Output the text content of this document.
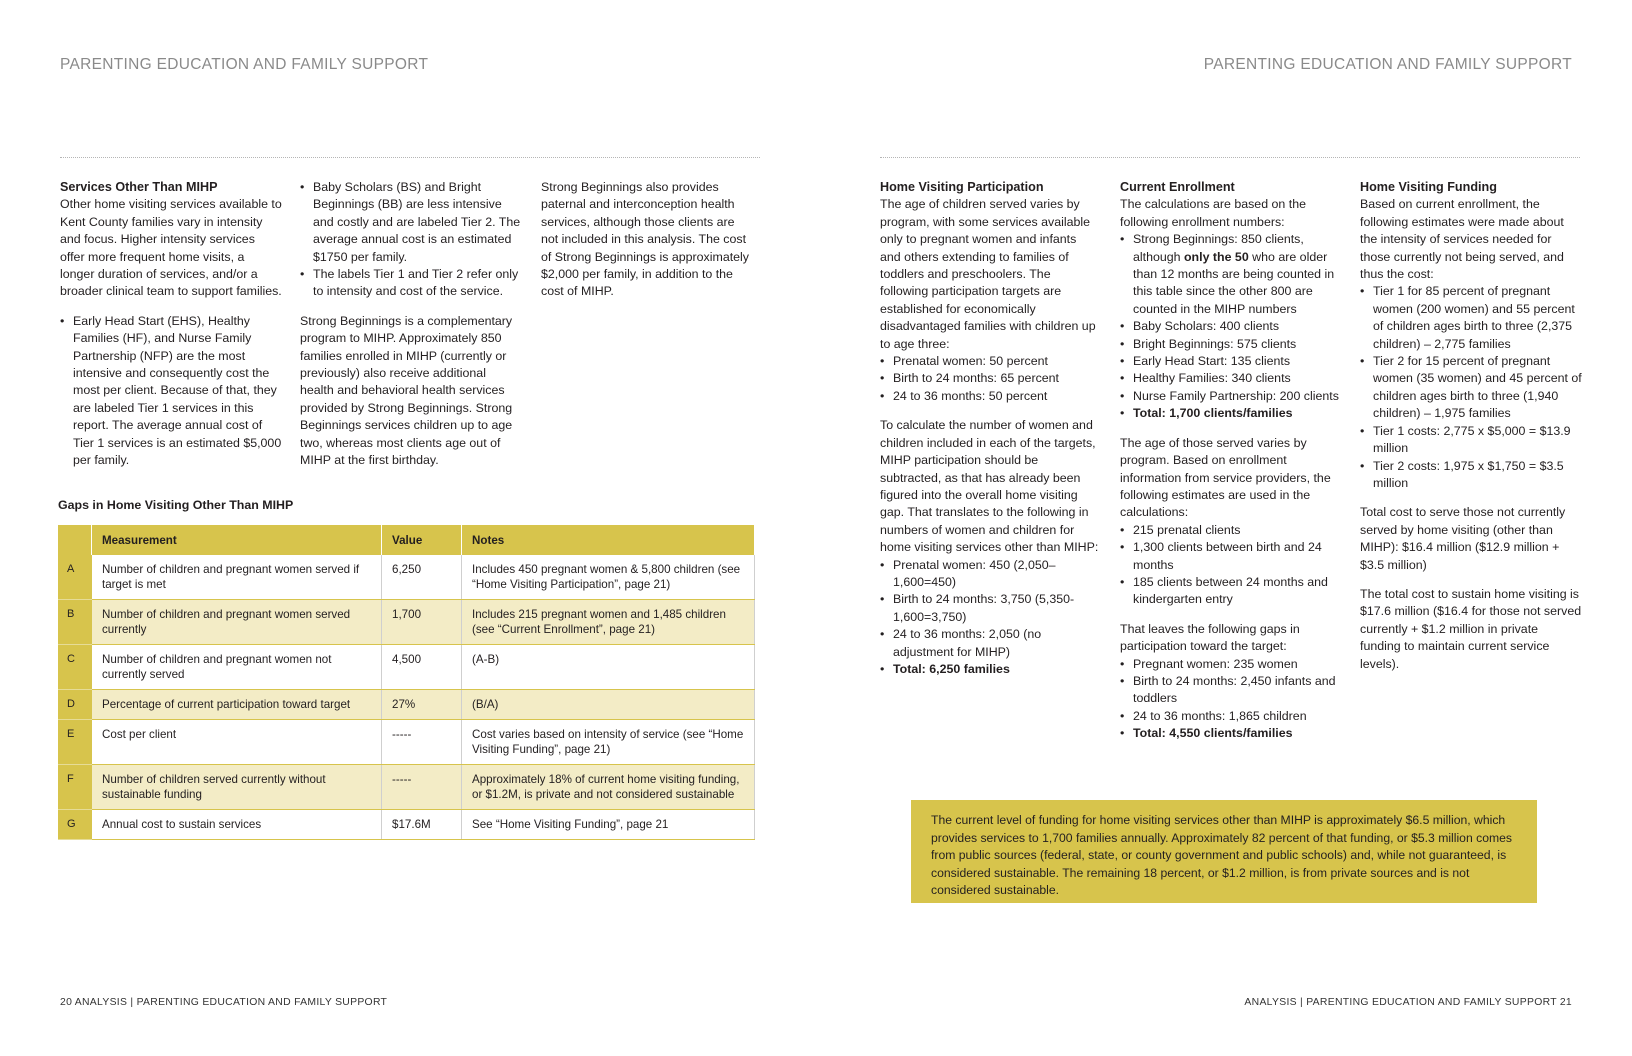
PARENTING EDUCATION AND FAMILY SUPPORT	PARENTING EDUCATION AND FAMILY SUPPORT
Services Other Than MIHP

Other home visiting services available to Kent County families vary in intensity and focus. Higher intensity services offer more frequent home visits, a longer duration of services, and/or a broader clinical team to support families.

• Early Head Start (EHS), Healthy Families (HF), and Nurse Family Partnership (NFP) are the most intensive and consequently cost the most per client. Because of that, they are labeled Tier 1 services in this report. The average annual cost of Tier 1 services is an estimated $5,000 per family.
• Baby Scholars (BS) and Bright Beginnings (BB) are less intensive and costly and are labeled Tier 2. The average annual cost is an estimated $1750 per family.
• The labels Tier 1 and Tier 2 refer only to intensity and cost of the service.

Strong Beginnings is a complementary program to MIHP. Approximately 850 families enrolled in MIHP (currently or previously) also receive additional health and behavioral health services provided by Strong Beginnings. Strong Beginnings services children up to age two, whereas most clients age out of MIHP at the first birthday.

Strong Beginnings also provides paternal and interconception health services, although those clients are not included in this analysis. The cost of Strong Beginnings is approximately $2,000 per family, in addition to the cost of MIHP.

Gaps in Home Visiting Other Than MIHP
	Measurement	Value	Notes
A	Number of children and pregnant women served if target is met	6,250	Includes 450 pregnant women & 5,800 children (see “Home Visiting Participation”, page 21)
B	Number of children and pregnant women served currently	1,700	Includes 215 pregnant women and 1,485 children (see “Current Enrollment”, page 21)
C	Number of children and pregnant women not currently served	4,500	(A-B)
D	Percentage of current participation toward target	27%	(B/A)
E	Cost per client	-----	Cost varies based on intensity of service (see “Home Visiting Funding”, page 21)
F	Number of children served currently without sustainable funding	-----	Approximately 18% of current home visiting funding, or $1.2M, is private and not considered sustainable
G	Annual cost to sustain services	$17.6M	See “Home Visiting Funding”, page 21
Home Visiting Participation

The age of children served varies by program, with some services available only to pregnant women and infants and others extending to families of toddlers and preschoolers. The following participation targets are established for economically disadvantaged families with children up to age three:

• Prenatal women: 50 percent
• Birth to 24 months: 65 percent
• 24 to 36 months: 50 percent

To calculate the number of women and children included in each of the targets, MIHP participation should be subtracted, as that has already been figured into the overall home visiting gap. That translates to the following in numbers of women and children for home visiting services other than MIHP:

• Prenatal women: 450 (2,050–1,600=450)
• Birth to 24 months: 3,750 (5,350-1,600=3,750)
• 24 to 36 months: 2,050 (no adjustment for MIHP)
• Total: 6,250 families
Current Enrollment

The calculations are based on the following enrollment numbers:

• Strong Beginnings: 850 clients, although only the 50 who are older than 12 months are being counted in this table since the other 800 are counted in the MIHP numbers
• Baby Scholars: 400 clients
• Bright Beginnings: 575 clients
• Early Head Start: 135 clients
• Healthy Families: 340 clients
• Nurse Family Partnership: 200 clients
• Total: 1,700 clients/families

The age of those served varies by program. Based on enrollment information from service providers, the following estimates are used in the calculations:

• 215 prenatal clients
• 1,300 clients between birth and 24 months
• 185 clients between 24 months and kindergarten entry

That leaves the following gaps in participation toward the target:

• Pregnant women: 235 women
• Birth to 24 months: 2,450 infants and toddlers
• 24 to 36 months: 1,865 children
• Total: 4,550 clients/families
Home Visiting Funding

Based on current enrollment, the following estimates were made about the intensity of services needed for those currently not being served, and thus the cost:

• Tier 1 for 85 percent of pregnant women (200 women) and 55 percent of children ages birth to three (2,375 children) – 2,775 families
• Tier 2 for 15 percent of pregnant women (35 women) and 45 percent of children ages birth to three (1,940 children) – 1,975 families
• Tier 1 costs: 2,775 x $5,000 = $13.9 million
• Tier 2 costs: 1,975 x $1,750 = $3.5 million

Total cost to serve those not currently served by home visiting (other than MIHP): $16.4 million ($12.9 million + $3.5 million)

The total cost to sustain home visiting is $17.6 million ($16.4 for those not served currently + $1.2 million in private funding to maintain current service levels).

The current level of funding for home visiting services other than MIHP is approximately $6.5 million, which provides services to 1,700 families annually. Approximately 82 percent of that funding, or $5.3 million comes from public sources (federal, state, or county government and public schools) and, while not guaranteed, is considered sustainable. The remaining 18 percent, or $1.2 million, is from private sources and is not considered sustainable.
20 ANALYSIS | PARENTING EDUCATION AND FAMILY SUPPORT	ANALYSIS | PARENTING EDUCATION AND FAMILY SUPPORT 21
